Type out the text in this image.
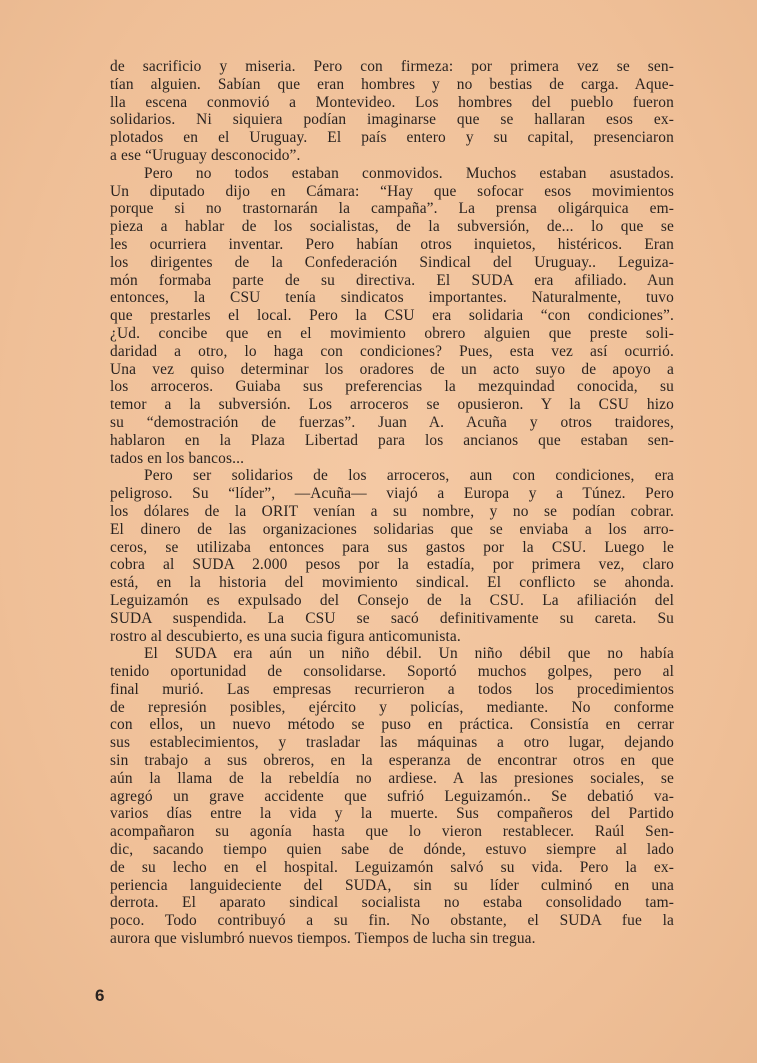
de sacrificio y miseria. Pero con firmeza: por primera vez se sen-
tían alguien. Sabían que eran hombres y no bestias de carga. Aque-
lla escena conmovió a Montevideo. Los hombres del pueblo fueron
solidarios. Ni siquiera podían imaginarse que se hallaran esos ex-
plotados en el Uruguay. El país entero y su capital, presenciaron
a ese “Uruguay desconocido”.
Pero no todos estaban conmovidos. Muchos estaban asustados.
Un diputado dijo en Cámara: “Hay que sofocar esos movimientos
porque si no trastornarán la campaña”. La prensa oligárquica em-
pieza a hablar de los socialistas, de la subversión, de... lo que se
les ocurriera inventar. Pero habían otros inquietos, histéricos. Eran
los dirigentes de la Confederación Sindical del Uruguay.. Leguiza-
món formaba parte de su directiva. El SUDA era afiliado. Aun
entonces, la CSU tenía sindicatos importantes. Naturalmente, tuvo
que prestarles el local. Pero la CSU era solidaria “con condiciones”.
¿Ud. concibe que en el movimiento obrero alguien que preste soli-
daridad a otro, lo haga con condiciones? Pues, esta vez así ocurrió.
Una vez quiso determinar los oradores de un acto suyo de apoyo a
los arroceros. Guiaba sus preferencias la mezquindad conocida, su
temor a la subversión. Los arroceros se opusieron. Y la CSU hizo
su “demostración de fuerzas”. Juan A. Acuña y otros traidores,
hablaron en la Plaza Libertad para los ancianos que estaban sen-
tados en los bancos...
Pero ser solidarios de los arroceros, aun con condiciones, era
peligroso. Su “líder”, —Acuña— viajó a Europa y a Túnez. Pero
los dólares de la ORIT venían a su nombre, y no se podían cobrar.
El dinero de las organizaciones solidarias que se enviaba a los arro-
ceros, se utilizaba entonces para sus gastos por la CSU. Luego le
cobra al SUDA 2.000 pesos por la estadía, por primera vez, claro
está, en la historia del movimiento sindical. El conflicto se ahonda.
Leguizamón es expulsado del Consejo de la CSU. La afiliación del
SUDA suspendida. La CSU se sacó definitivamente su careta. Su
rostro al descubierto, es una sucia figura anticomunista.
El SUDA era aún un niño débil. Un niño débil que no había
tenido oportunidad de consolidarse. Soportó muchos golpes, pero al
final murió. Las empresas recurrieron a todos los procedimientos
de represión posibles, ejército y policías, mediante. No conforme
con ellos, un nuevo método se puso en práctica. Consistía en cerrar
sus establecimientos, y trasladar las máquinas a otro lugar, dejando
sin trabajo a sus obreros, en la esperanza de encontrar otros en que
aún la llama de la rebeldía no ardiese. A las presiones sociales, se
agregó un grave accidente que sufrió Leguizamón.. Se debatió va-
varios días entre la vida y la muerte. Sus compañeros del Partido
acompañaron su agonía hasta que lo vieron restablecer. Raúl Sen-
dic, sacando tiempo quien sabe de dónde, estuvo siempre al lado
de su lecho en el hospital. Leguizamón salvó su vida. Pero la ex-
periencia languideciente del SUDA, sin su líder culminó en una
derrota. El aparato sindical socialista no estaba consolidado tam-
poco. Todo contribuyó a su fin. No obstante, el SUDA fue la
aurora que vislumbró nuevos tiempos. Tiempos de lucha sin tregua.
6
